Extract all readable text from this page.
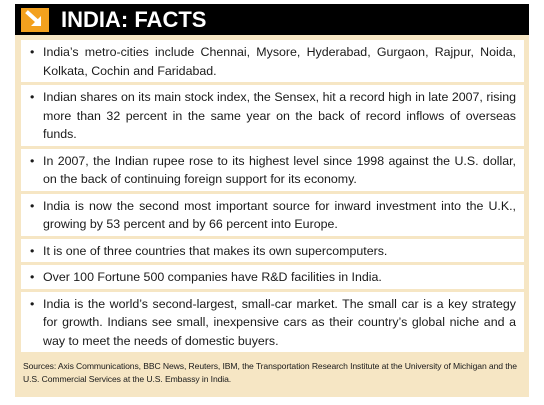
INDIA: FACTS
• India’s metro-cities include Chennai, Mysore, Hyderabad, Gurgaon, Rajpur, Noida, Kolkata, Cochin and Faridabad.
• Indian shares on its main stock index, the Sensex, hit a record high in late 2007, rising more than 32 percent in the same year on the back of record inflows of overseas funds.
• In 2007, the Indian rupee rose to its highest level since 1998 against the U.S. dollar, on the back of continuing foreign support for its economy.
• India is now the second most important source for inward investment into the U.K., growing by 53 percent and by 66 percent into Europe.
• It is one of three countries that makes its own supercomputers.
• Over 100 Fortune 500 companies have R&D facilities in India.
• India is the world’s second-largest, small-car market. The small car is a key strategy for growth. Indians see small, inexpensive cars as their country’s global niche and a way to meet the needs of domestic buyers.
Sources: Axis Communications, BBC News, Reuters, IBM, the Transportation Research Institute at the University of Michigan and the U.S. Commercial Services at the U.S. Embassy in India.
